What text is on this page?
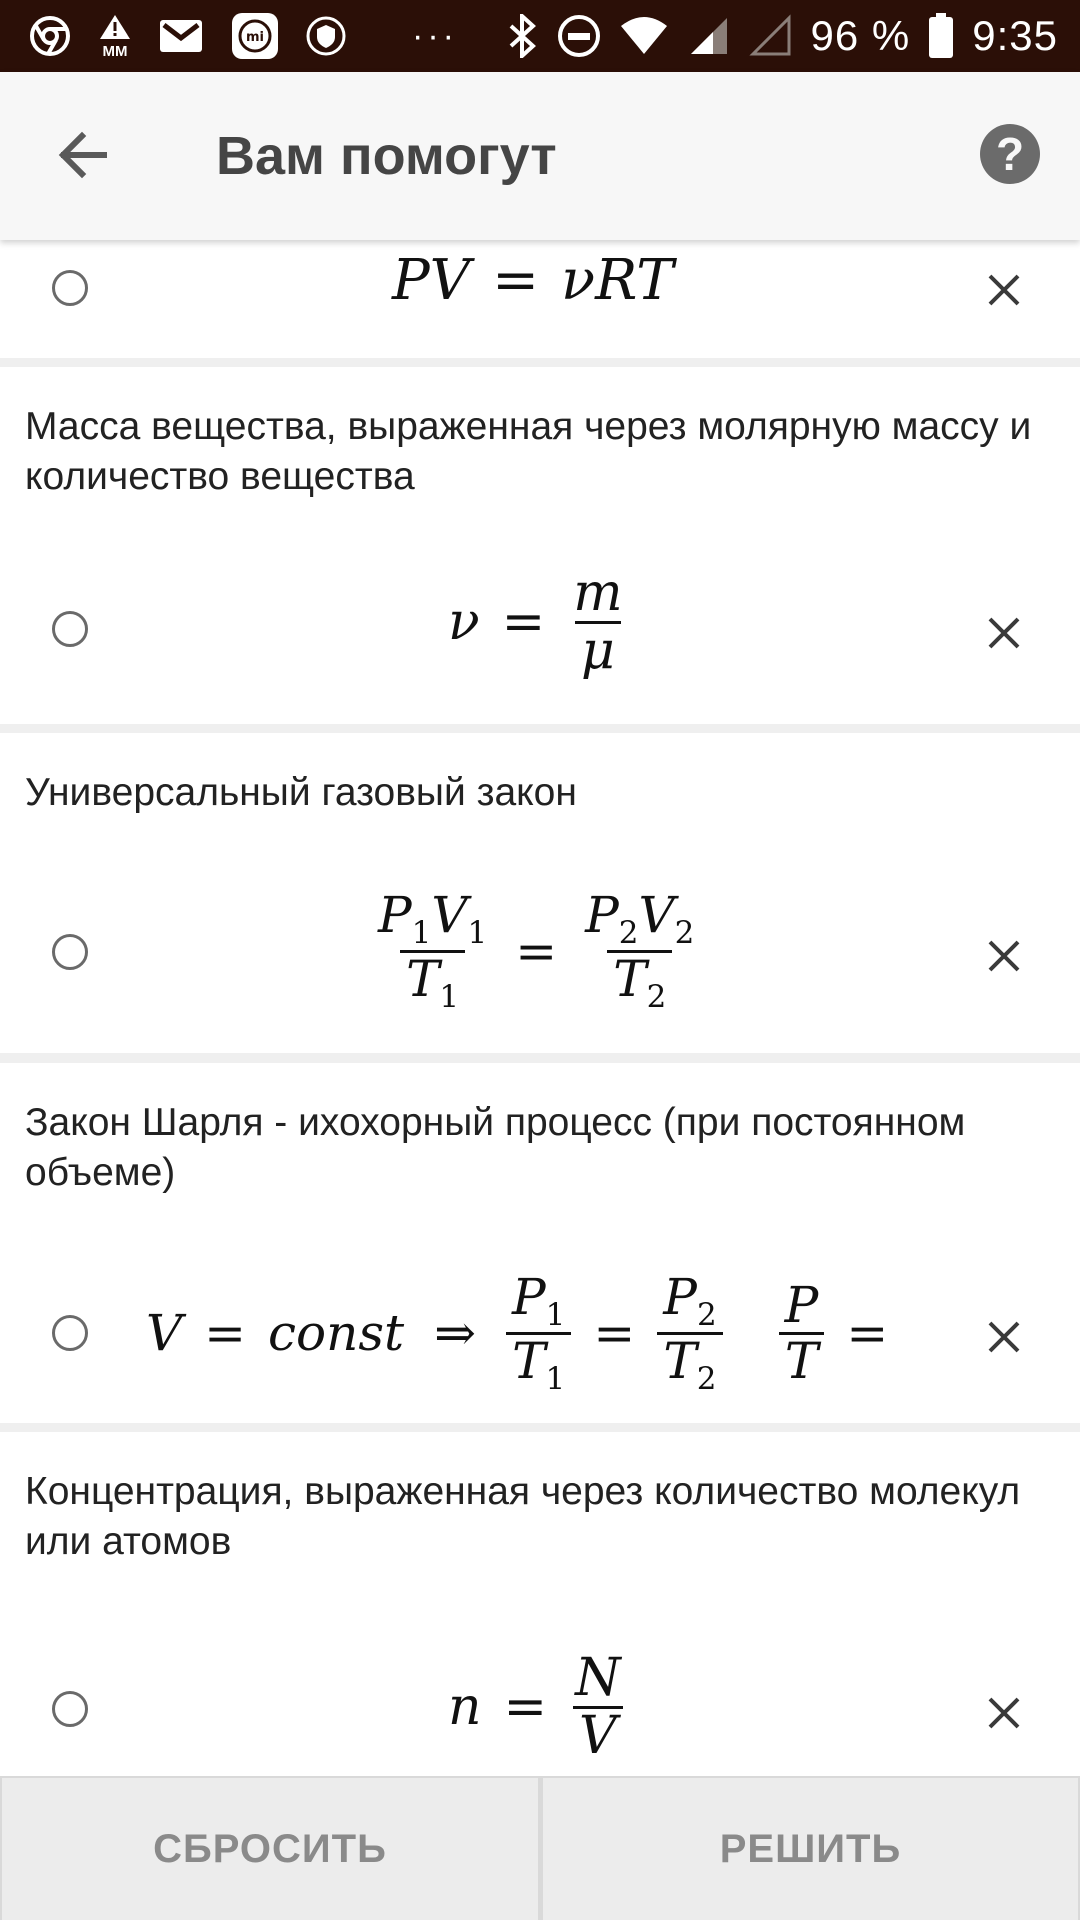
MM
mi	···	96 % 9:35
Вам помогут	?
PV = νRT
Масса вещества, выраженная через молярную массу и количество вещества
$\nu = \frac{m}{\mu}$
Универсальный газовый закон
$\frac{P_1V_1}{T_1} = \frac{P_2V_2}{T_2}$
Закон Шарля - ихохорный процесс (при постоянном объеме)
V = const ⇒ $\frac{P_1}{T_1} = \frac{P_2}{T_2} \frac{P}{T}$ =
Концентрация, выраженная через количество молекул или атомов
$n = \frac{N}{V}$
СБРОСИТЬ	РЕШИТЬ
